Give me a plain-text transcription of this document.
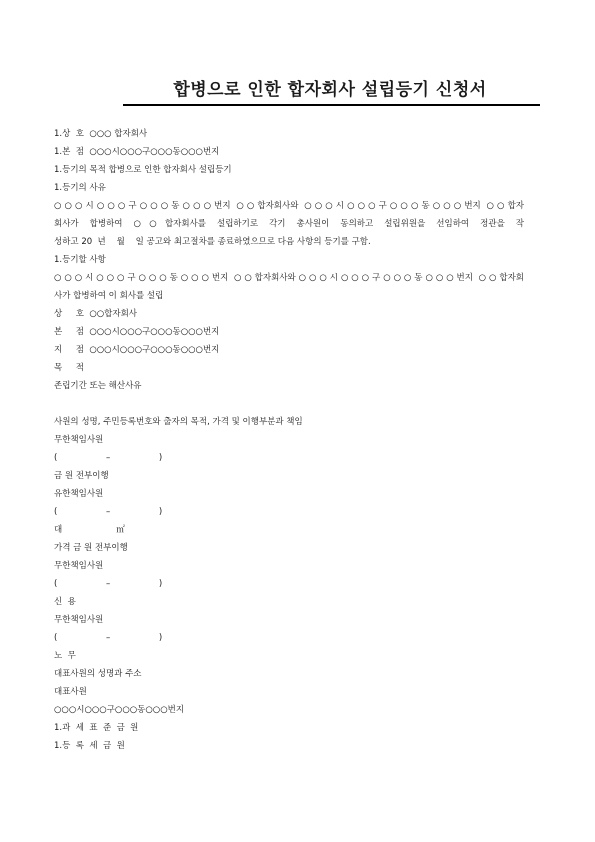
합병으로 인한 합자회사 설립등기 신청서
1.상  호  ○○○ 합자회사
1.본  점  ○○○시○○○구○○○동○○○번지
1.등기의 목적 합병으로 인한 합자회사 설립등기
1.등기의 사유
○○○시○○○구○○○동○○○번지 ○○합자회사와 ○○○시○○○구○○○동○○○번지 ○○합자
회사가 합병하여 ○○합자회사를 설립하기로 각기 총사원이 동의하고 설립위원을 선임하여 정관을 작
성하고 20  년    월    일 공고와 최고절차를 종료하였으므로 다음 사항의 등기를 구함.
1.등기할 사항
○○○시○○○구○○○동○○○번지 ○○합자회사와○○○시○○○구○○○동○○○번지 ○○합자회
사가 합병하여 이 회사를 설립
상     호  ○○합자회사
본     점  ○○○시○○○구○○○동○○○번지
지     점  ○○○시○○○구○○○동○○○번지
목     적
존립기간 또는 해산사유
사원의 성명, 주민등록번호와 출자의 목적, 가격 및 이행부분과 책임
무한책임사원
(                  –                  )
금 원 전부이행
유한책임사원
(                  –                  )
대                    ㎡
가격 금 원 전부이행
무한책임사원
(                  –                  )
신  용
무한책임사원
(                  –                  )
노  무
대표사원의 성명과 주소
대표사원
○○○시○○○구○○○동○○○번지
1.과  세  표  준  금  원
1.등  록  세  금  원
